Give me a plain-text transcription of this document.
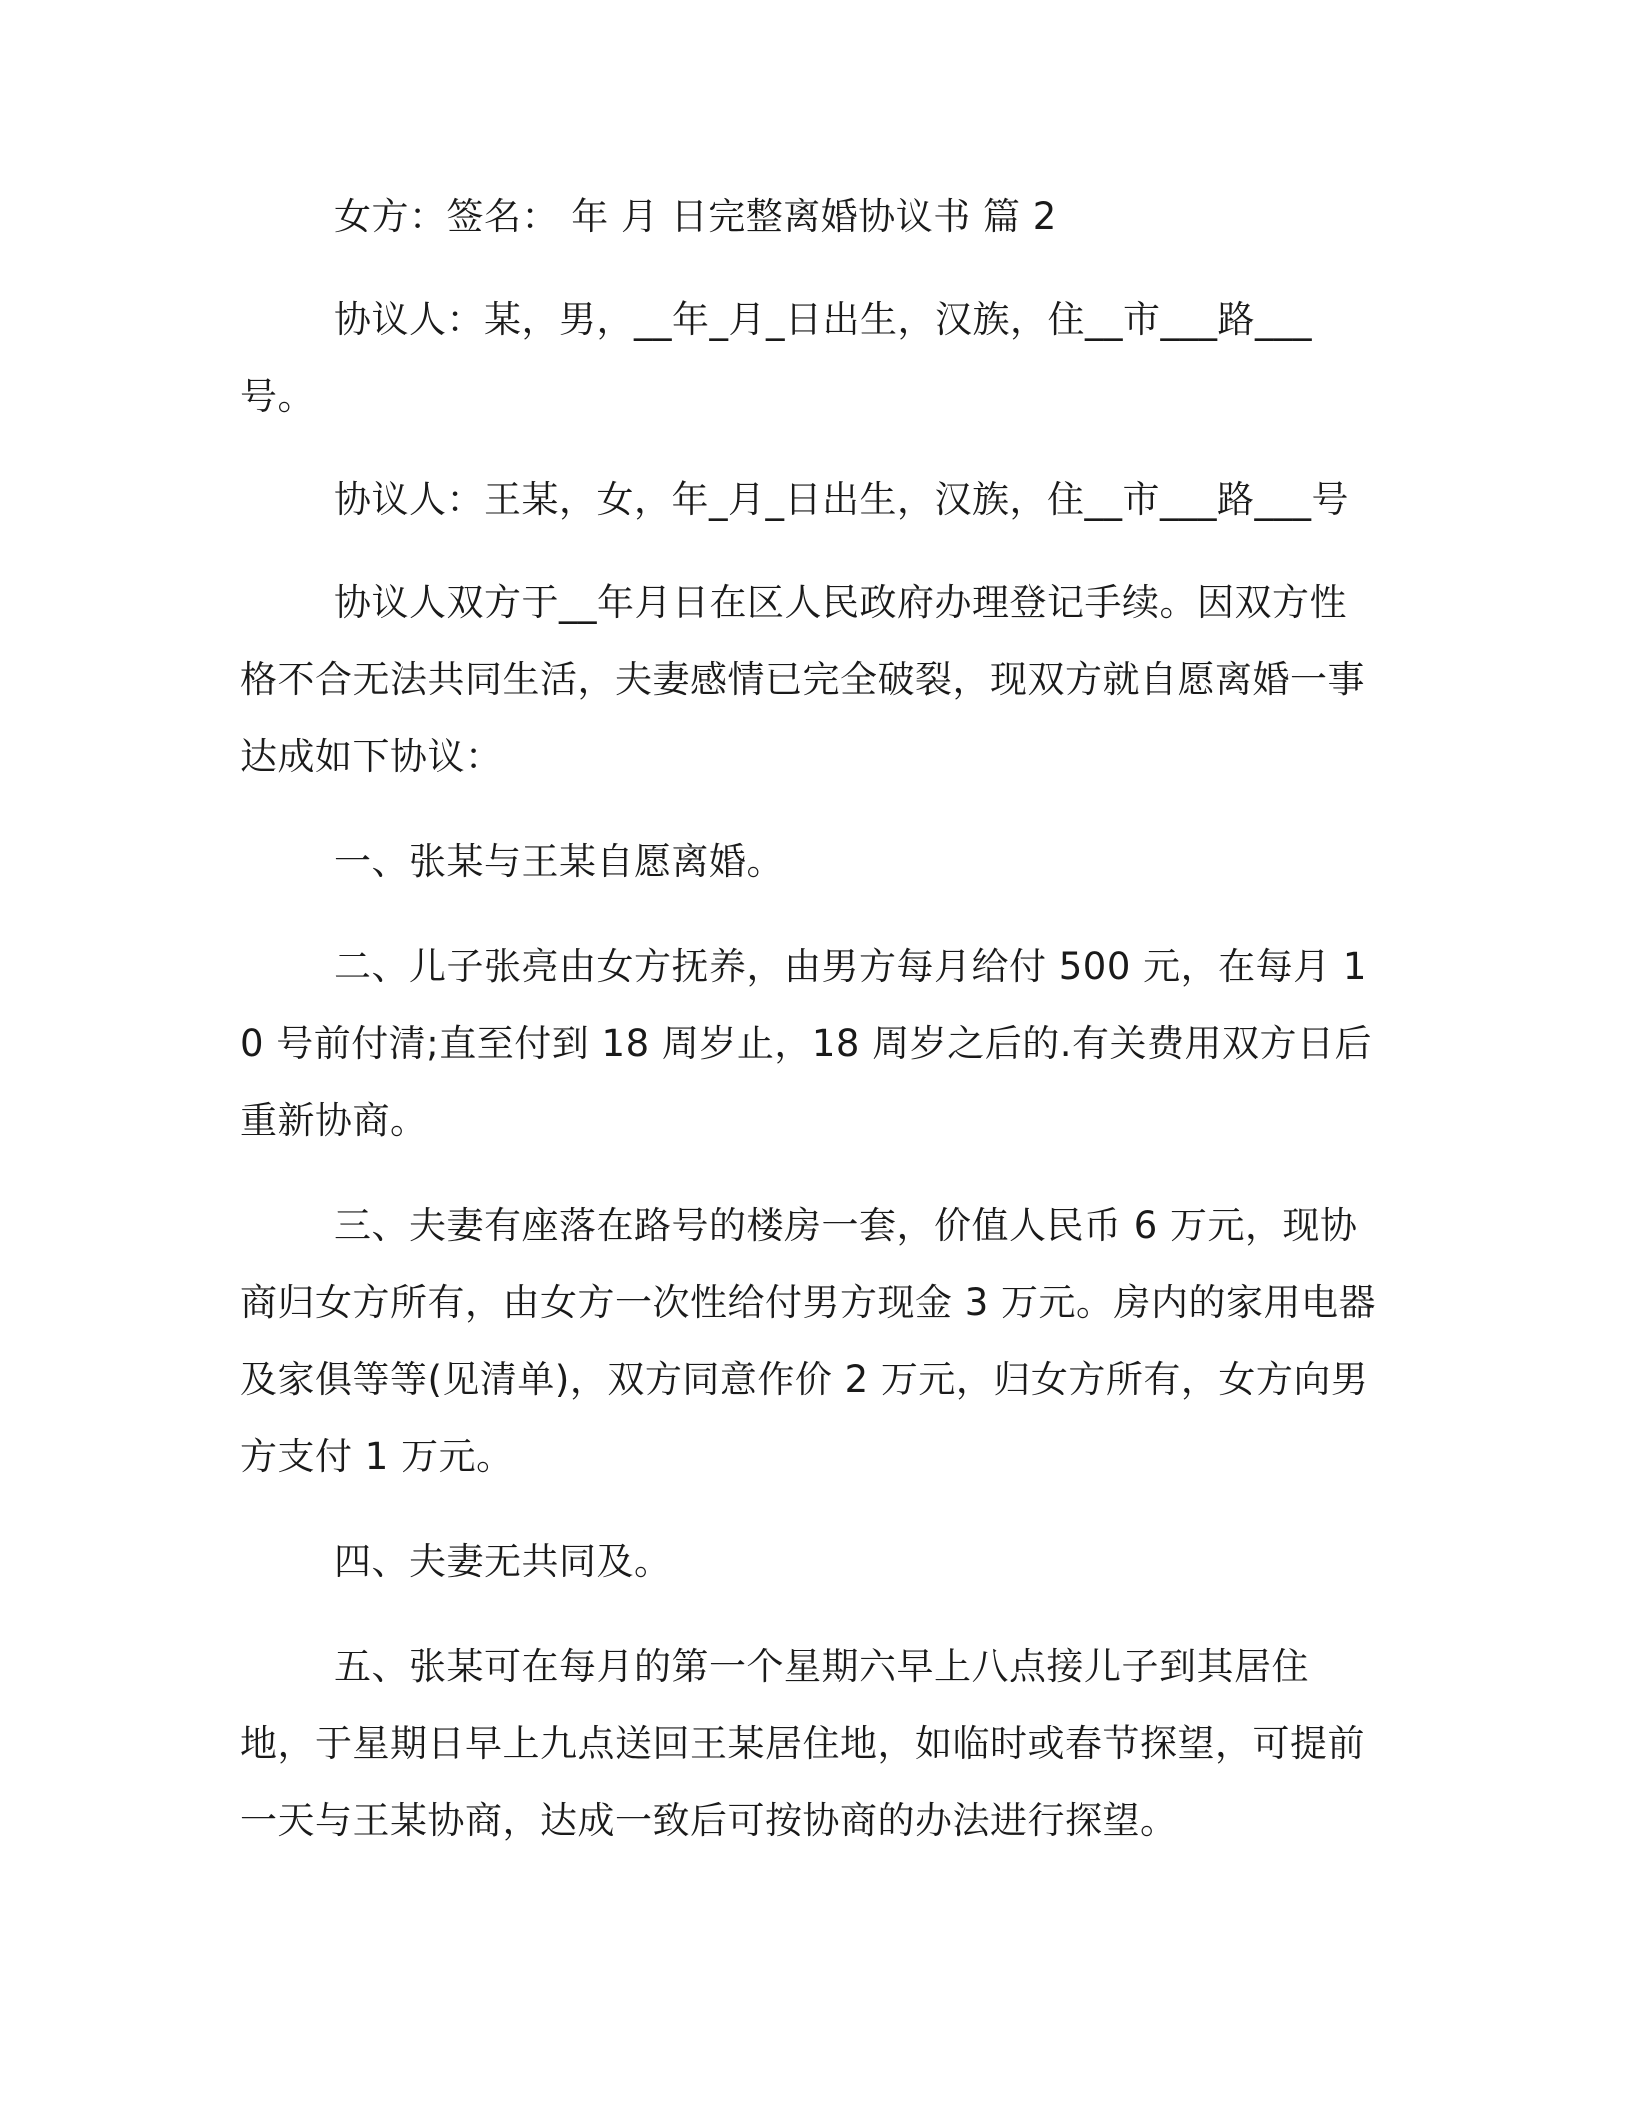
女方：签名： 年 月 日完整离婚协议书 篇 2

协议人：某，男，__年_月_日出生，汉族，住__市___路___号。

协议人：王某，女，年_月_日出生，汉族，住__市___路___号

协议人双方于__年月日在区人民政府办理登记手续。因双方性格不合无法共同生活，夫妻感情已完全破裂，现双方就自愿离婚一事达成如下协议：

一、张某与王某自愿离婚。

二、儿子张亮由女方抚养，由男方每月给付 500 元，在每月 10 号前付清;直至付到 18 周岁止，18 周岁之后的.有关费用双方日后重新协商。

三、夫妻有座落在路号的楼房一套，价值人民币 6 万元，现协商归女方所有，由女方一次性给付男方现金 3 万元。房内的家用电器及家俱等等(见清单)，双方同意作价 2 万元，归女方所有，女方向男方支付 1 万元。

四、夫妻无共同及。

五、张某可在每月的第一个星期六早上八点接儿子到其居住地，于星期日早上九点送回王某居住地，如临时或春节探望，可提前一天与王某协商，达成一致后可按协商的办法进行探望。
